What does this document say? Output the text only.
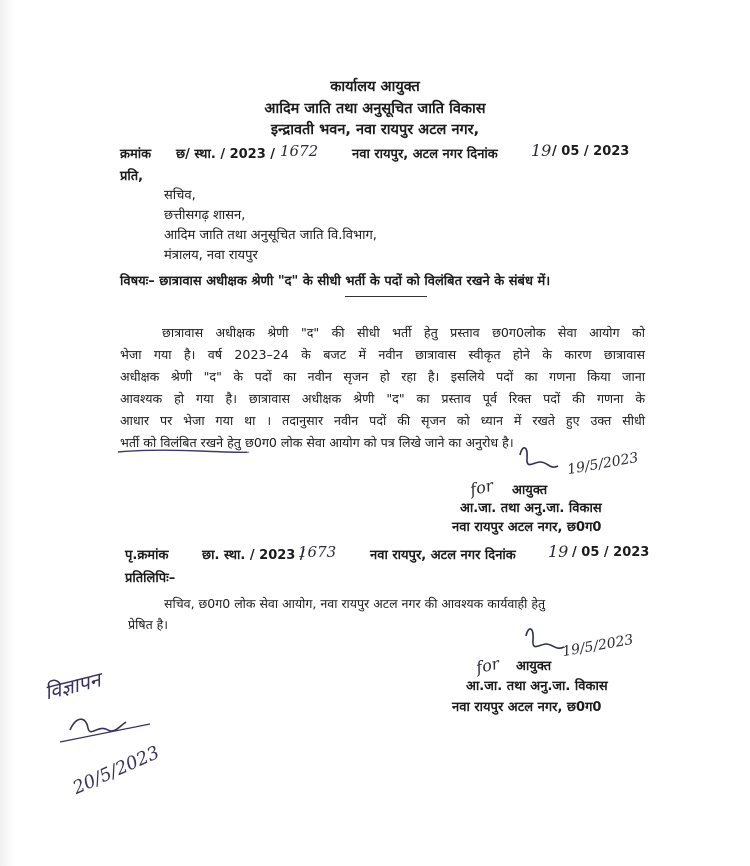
कार्यालय आयुक्त
आदिम जाति तथा अनुसूचित जाति विकास
इन्द्रावती भवन, नवा रायपुर अटल नगर,
क्रमांक छ/ स्था. / 2023 / 1672	नवा रायपुर, अटल नगर दिनांक 19 / 05 / 2023
प्रति,
सचिव,
छत्तीसगढ़ शासन,
आदिम जाति तथा अनुसूचित जाति वि.विभाग,
मंत्रालय, नवा रायपुर
विषयः– छात्रावास अधीक्षक श्रेणी "द" के सीधी भर्ती के पदों को विलंबित रखने के संबंध में।
छात्रावास अधीक्षक श्रेणी "द" की सीधी भर्ती हेतु प्रस्ताव छ0ग0लोक सेवा आयोग को
भेजा गया है। वर्ष 2023–24 के बजट में नवीन छात्रावास स्वीकृत होने के कारण छात्रावास
अधीक्षक श्रेणी "द" के पदों का नवीन सृजन हो रहा है। इसलिये पदों का गणना किया जाना
आवश्यक हो गया है। छात्रावास अधीक्षक श्रेणी "द" का प्रस्ताव पूर्व रिक्त पदों की गणना के
आधार पर भेजा गया था । तदानुसार नवीन पदों की सृजन को ध्यान में रखते हुए उक्त सीधी
भर्ती को विलंबित रखने हेतु छ0ग0 लोक सेवा आयोग को पत्र लिखे जाने का अनुरोध है।
for आयुक्त
19/5/2023
आ.जा. तथा अनु.जा. विकास
नवा रायपुर अटल नगर, छ0ग0
पृ.क्रमांक	छा. स्था. / 2023 /
1673	नवा रायपुर, अटल नगर दिनांक 19 / 05 / 2023
प्रतिलिपिः–
सचिव, छ0ग0 लोक सेवा आयोग, नवा रायपुर अटल नगर की आवश्यक कार्यवाही हेतु
प्रेषित है।
for आयुक्त
19/5/2023
आ.जा. तथा अनु.जा. विकास
नवा रायपुर अटल नगर, छ0ग0
विज्ञापन
20/5/2023
